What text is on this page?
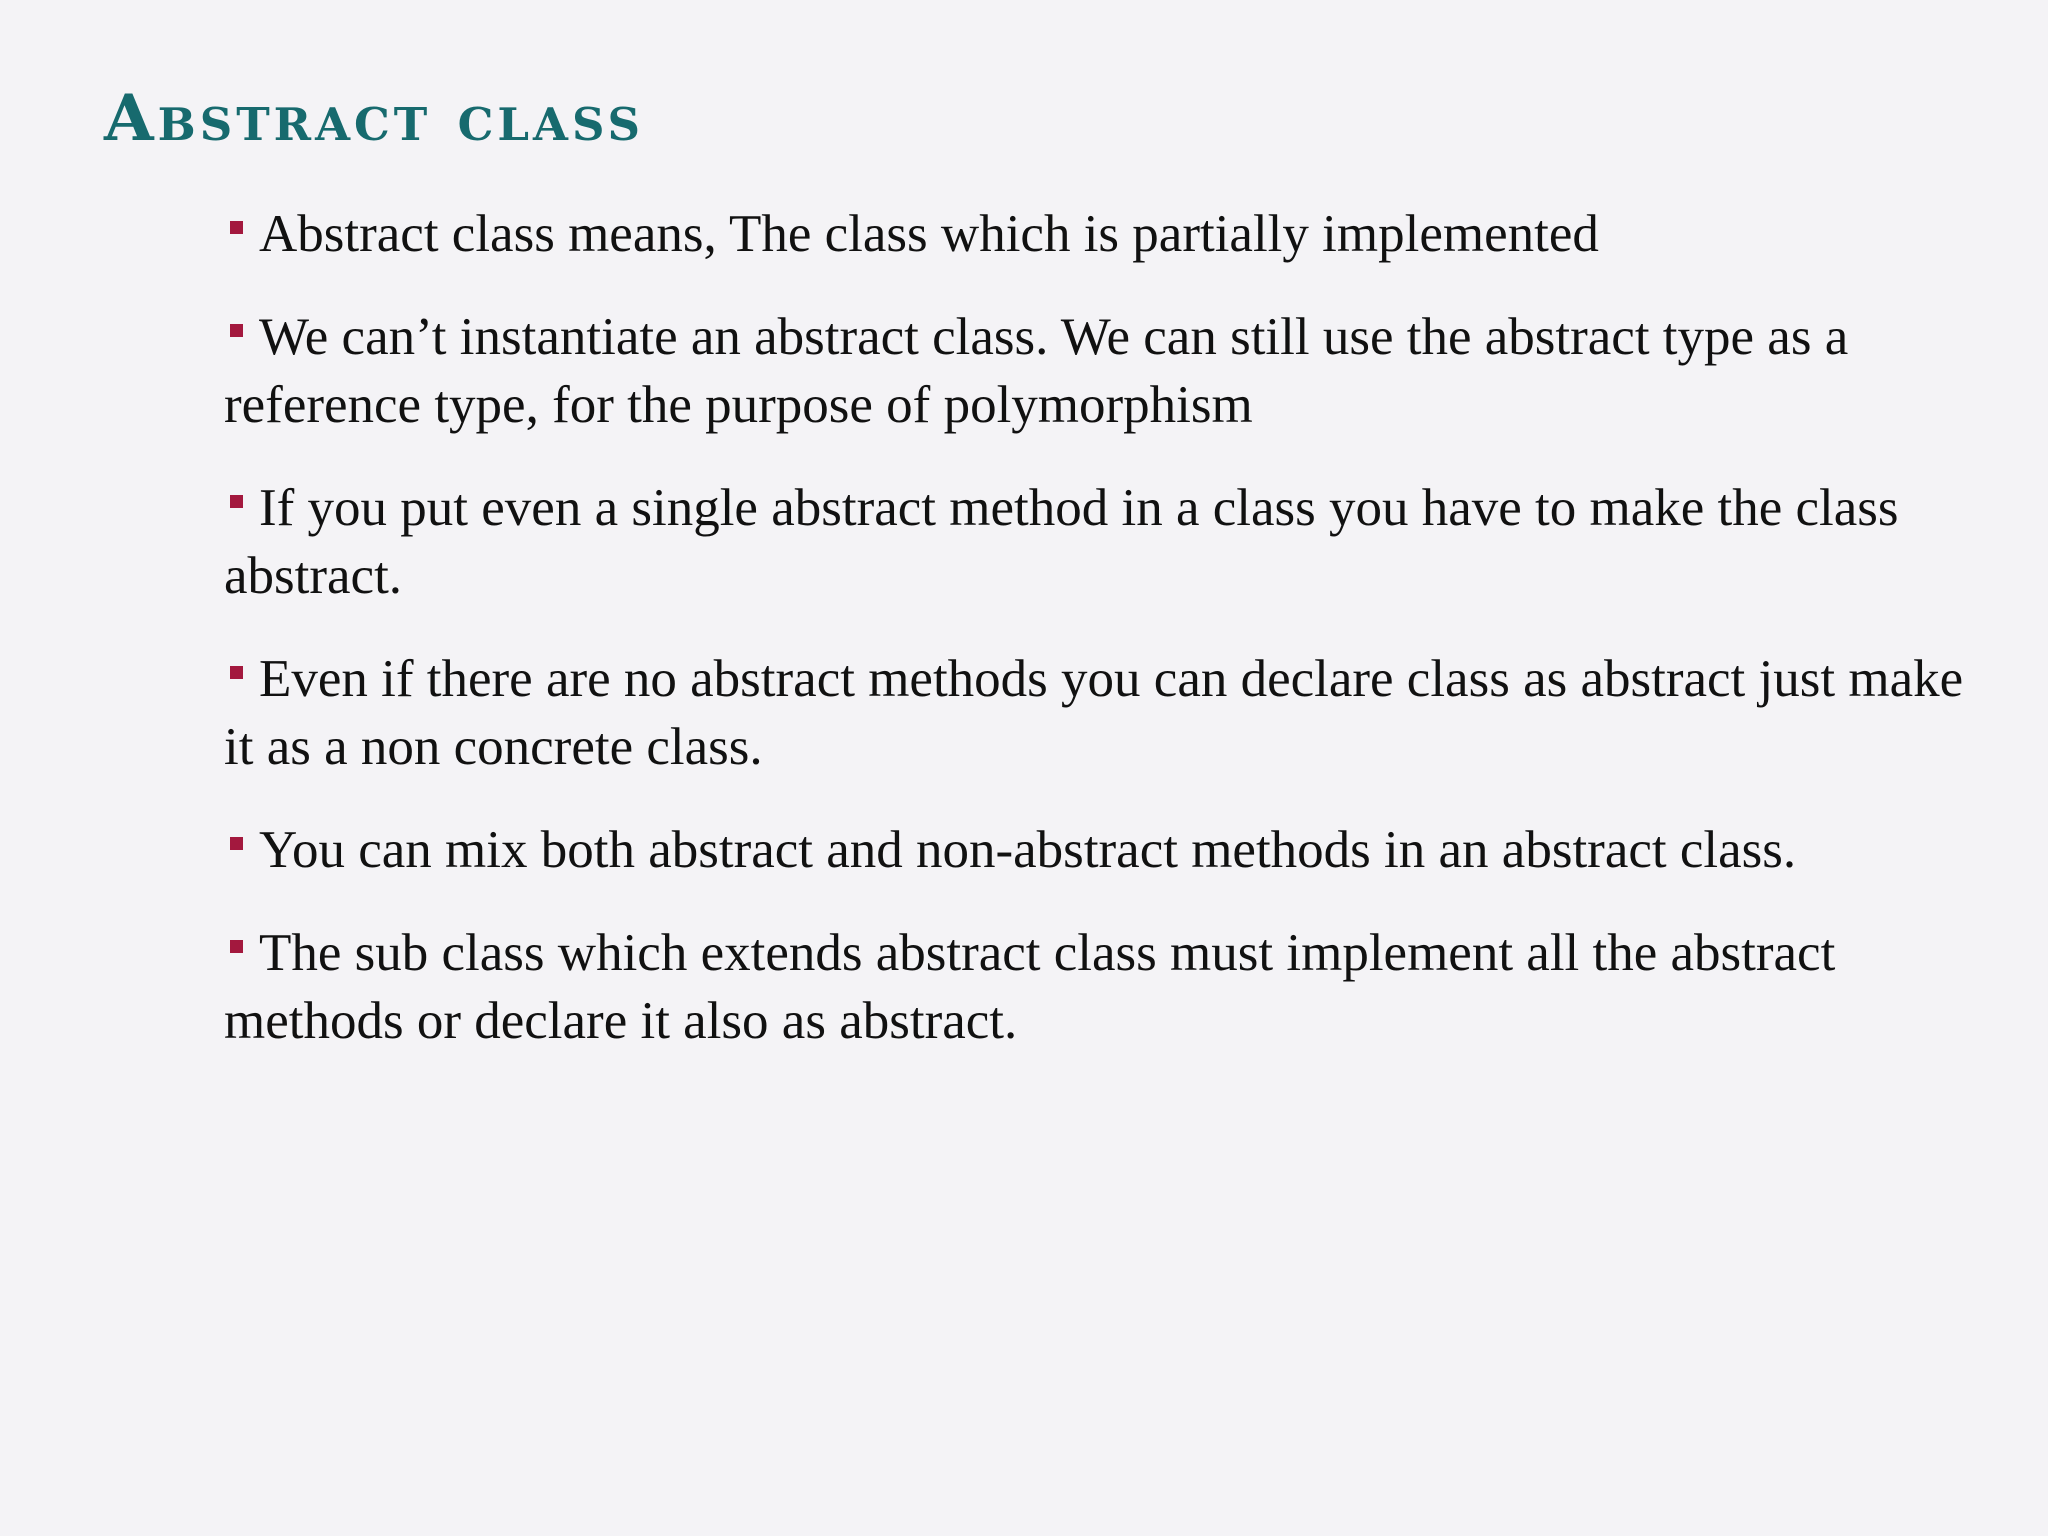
Abstract class
Abstract class means, The class which is partially implemented
We can’t instantiate an abstract class. We can still use the abstract type as a reference type, for the purpose of polymorphism
If you put even a single abstract method in a class you have to make the class abstract.
Even if there are no abstract methods you can declare class as abstract just make it as a non concrete class.
You can mix both abstract and non-abstract methods in an abstract class.
The sub class which extends abstract class must implement all the abstract methods or declare it also as abstract.
